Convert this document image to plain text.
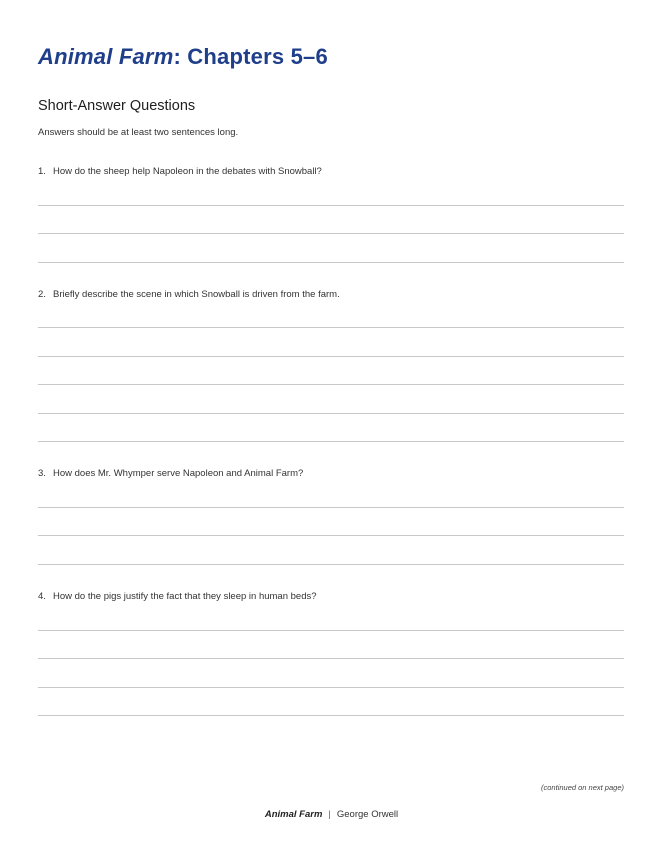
Animal Farm: Chapters 5–6
Short-Answer Questions

Answers should be at least two sentences long.

1. How do the sheep help Napoleon in the debates with Snowball?

2. Briefly describe the scene in which Snowball is driven from the farm.

3. How does Mr. Whymper serve Napoleon and Animal Farm?

4. How do the pigs justify the fact that they sleep in human beds?

(continued on next page)

Animal Farm | George Orwell
